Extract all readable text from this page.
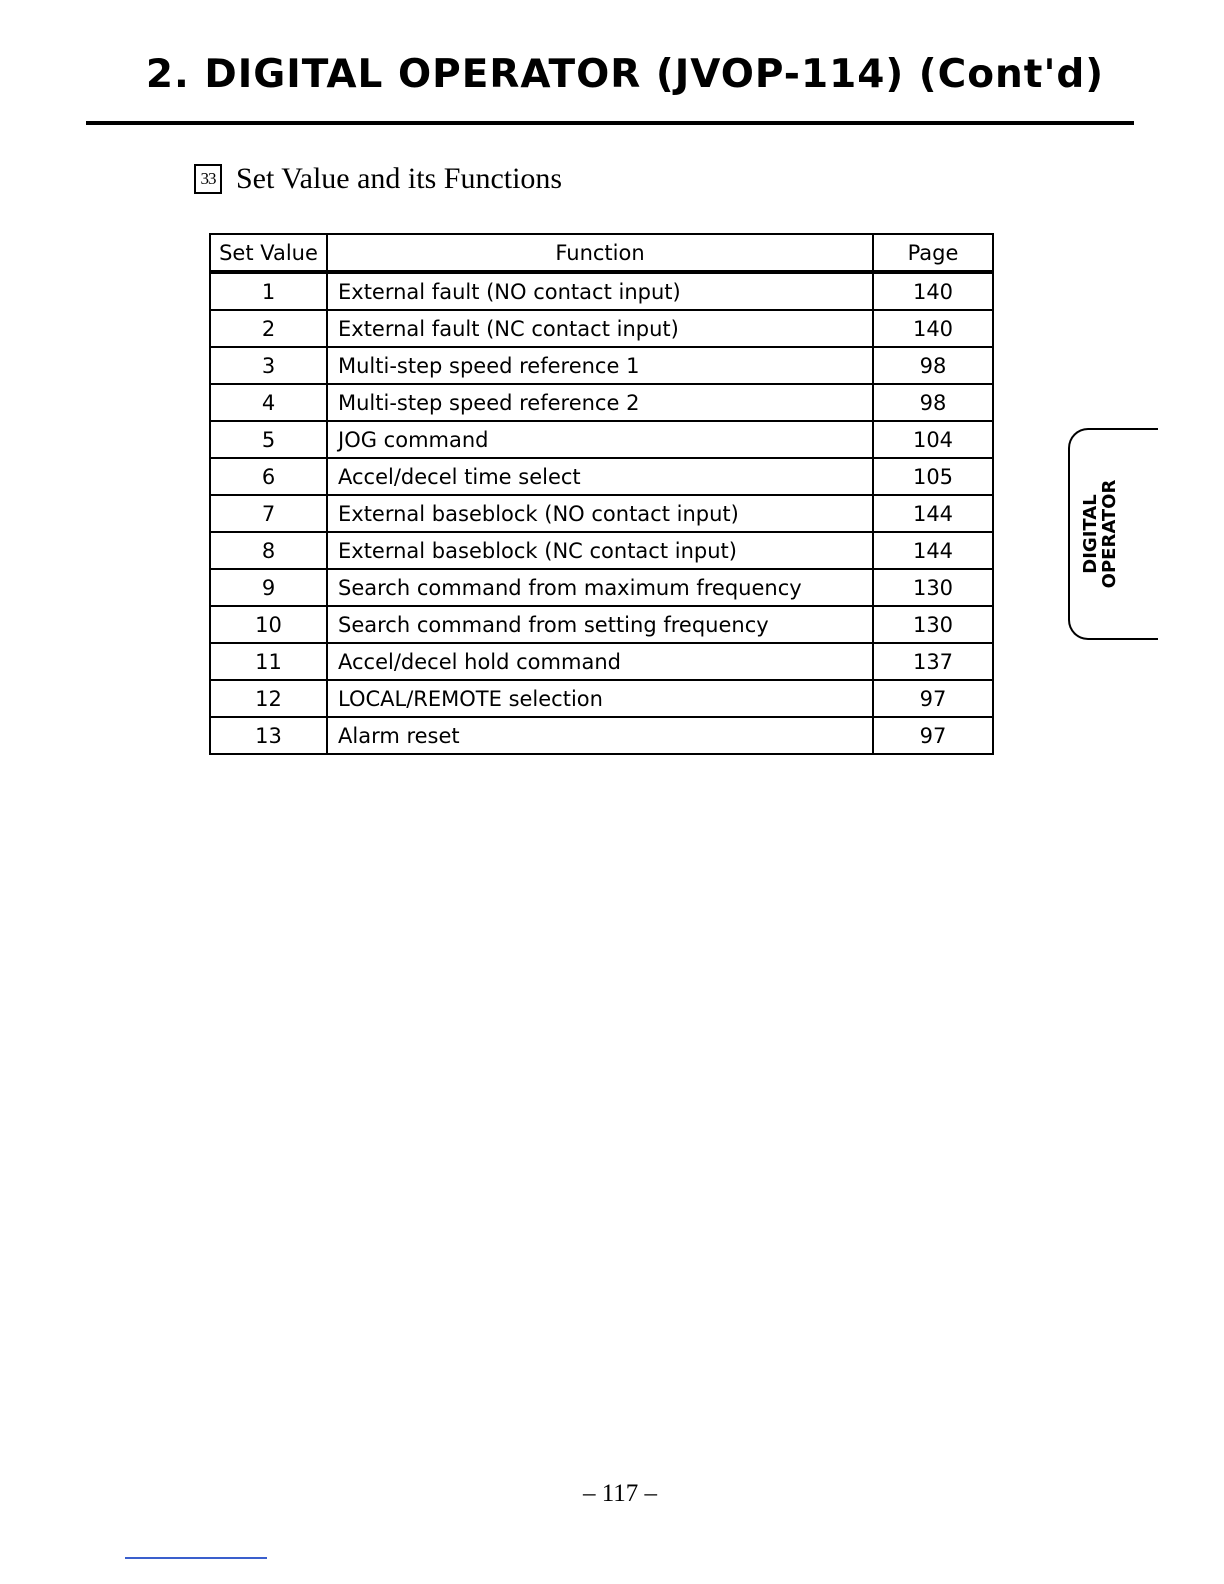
2. DIGITAL OPERATOR (JVOP-114) (Cont'd)
33 Set Value and its Functions
Set Value	Function	Page
1	External fault (NO contact input)	140
2	External fault (NC contact input)	140
3	Multi-step speed reference 1	98
4	Multi-step speed reference 2	98
5	JOG command	104
6	Accel/decel time select	105
7	External baseblock (NO contact input)	144
8	External baseblock (NC contact input)	144
9	Search command from maximum frequency	130
10	Search command from setting frequency	130
11	Accel/decel hold command	137
12	LOCAL/REMOTE selection	97
13	Alarm reset	97
DIGITAL
OPERATOR
– 117 –
